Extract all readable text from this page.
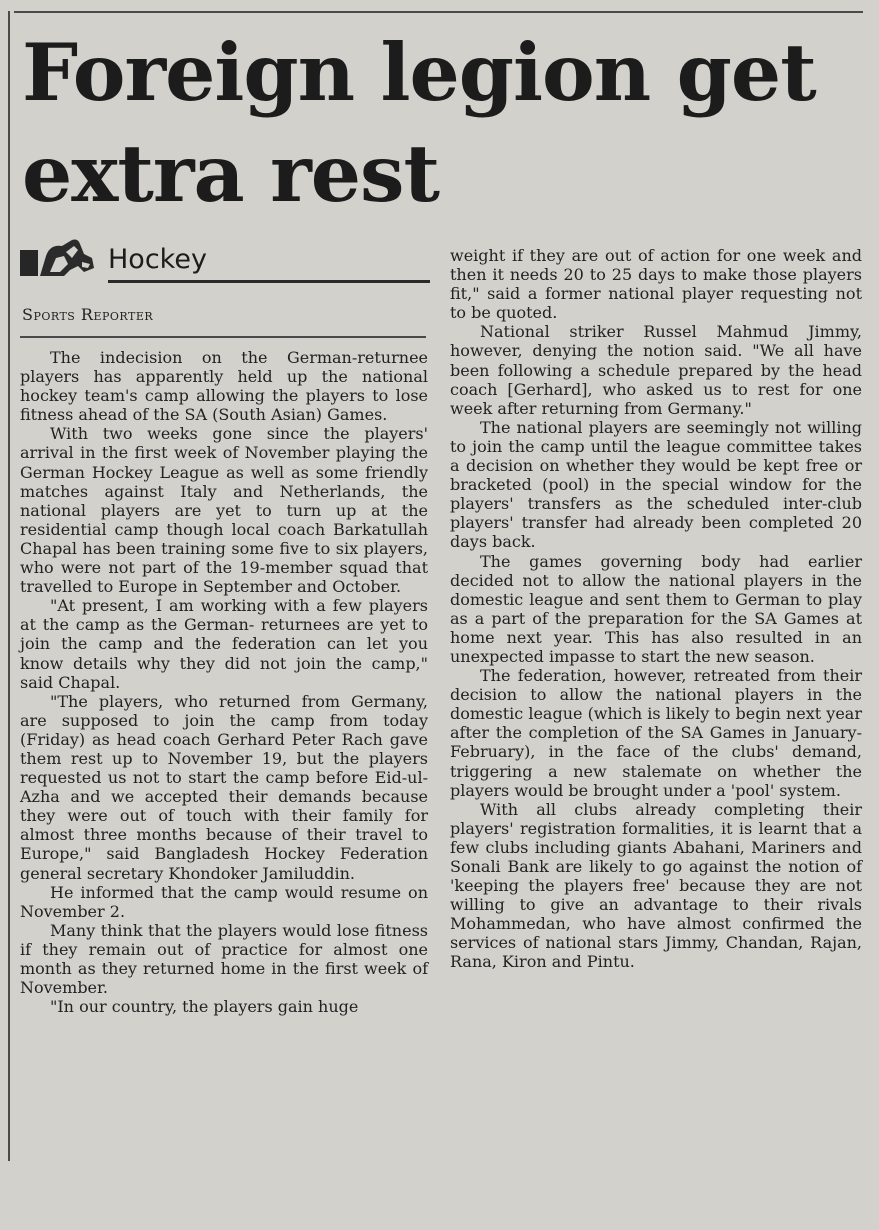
Foreign legion get
extra rest
Hockey
Sports Reporter

The indecision on the German-returnee players has apparently held up the national hockey team's camp allowing the players to lose fitness ahead of the SA (South Asian) Games.

With two weeks gone since the players' arrival in the first week of November playing the German Hockey League as well as some friendly matches against Italy and Netherlands, the national players are yet to turn up at the residential camp though local coach Barkatullah Chapal has been training some five to six players, who were not part of the 19-member squad that travelled to Europe in September and October.

"At present, I am working with a few players at the camp as the German- returnees are yet to join the camp and the federation can let you know details why they did not join the camp," said Chapal.

"The players, who returned from Germany, are supposed to join the camp from today (Friday) as head coach Gerhard Peter Rach gave them rest up to November 19, but the players requested us not to start the camp before Eid-ul-Azha and we accepted their demands because they were out of touch with their family for almost three months because of their travel to Europe," said Bangladesh Hockey Federation general secretary Khondoker Jamiluddin.

He informed that the camp would resume on November 2.

Many think that the players would lose fitness if they remain out of practice for almost one month as they returned home in the first week of November.

"In our country, the players gain huge

weight if they are out of action for one week and then it needs 20 to 25 days to make those players fit," said a former national player requesting not to be quoted.

National striker Russel Mahmud Jimmy, however, denying the notion said. "We all have been following a schedule prepared by the head coach [Gerhard], who asked us to rest for one week after returning from Germany."

The national players are seemingly not willing to join the camp until the league committee takes a decision on whether they would be kept free or bracketed (pool) in the special window for the players' transfers as the scheduled inter-club players' transfer had already been completed 20 days back.

The games governing body had earlier decided not to allow the national players in the domestic league and sent them to German to play as a part of the preparation for the SA Games at home next year. This has also resulted in an unexpected impasse to start the new season.

The federation, however, retreated from their decision to allow the national players in the domestic league (which is likely to begin next year after the completion of the SA Games in January-February), in the face of the clubs' demand, triggering a new stalemate on whether the players would be brought under a 'pool' system.

With all clubs already completing their players' registration formalities, it is learnt that a few clubs including giants Abahani, Mariners and Sonali Bank are likely to go against the notion of 'keeping the players free' because they are not willing to give an advantage to their rivals Mohammedan, who have almost confirmed the services of national stars Jimmy, Chandan, Rajan, Rana, Kiron and Pintu.
